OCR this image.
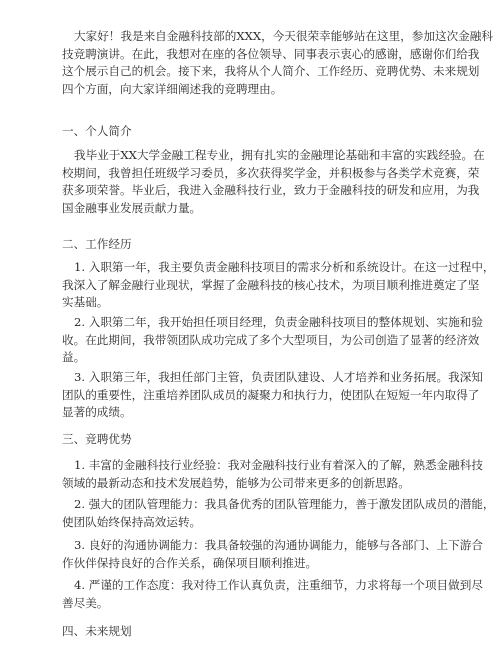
大家好！我是来自金融科技部的XXX，今天很荣幸能够站在这里，参加这次金融科
技竞聘演讲。在此，我想对在座的各位领导、同事表示衷心的感谢，感谢你们给我
这个展示自己的机会。接下来，我将从个人简介、工作经历、竞聘优势、未来规划
四个方面，向大家详细阐述我的竞聘理由。
一、个人简介
我毕业于XX大学金融工程专业，拥有扎实的金融理论基础和丰富的实践经验。在
校期间，我曾担任班级学习委员，多次获得奖学金，并积极参与各类学术竞赛，荣
获多项荣誉。毕业后，我进入金融科技行业，致力于金融科技的研发和应用，为我
国金融事业发展贡献力量。
二、工作经历
1. 入职第一年，我主要负责金融科技项目的需求分析和系统设计。在这一过程中，
我深入了解金融行业现状，掌握了金融科技的核心技术，为项目顺利推进奠定了坚
实基础。
2. 入职第二年，我开始担任项目经理，负责金融科技项目的整体规划、实施和验
收。在此期间，我带领团队成功完成了多个大型项目，为公司创造了显著的经济效
益。
3. 入职第三年，我担任部门主管，负责团队建设、人才培养和业务拓展。我深知
团队的重要性，注重培养团队成员的凝聚力和执行力，使团队在短短一年内取得了
显著的成绩。
三、竞聘优势
1. 丰富的金融科技行业经验：我对金融科技行业有着深入的了解，熟悉金融科技
领域的最新动态和技术发展趋势，能够为公司带来更多的创新思路。
2. 强大的团队管理能力：我具备优秀的团队管理能力，善于激发团队成员的潜能，
使团队始终保持高效运转。
3. 良好的沟通协调能力：我具备较强的沟通协调能力，能够与各部门、上下游合
作伙伴保持良好的合作关系，确保项目顺利推进。
4. 严谨的工作态度：我对待工作认真负责，注重细节，力求将每一个项目做到尽
善尽美。
四、未来规划
